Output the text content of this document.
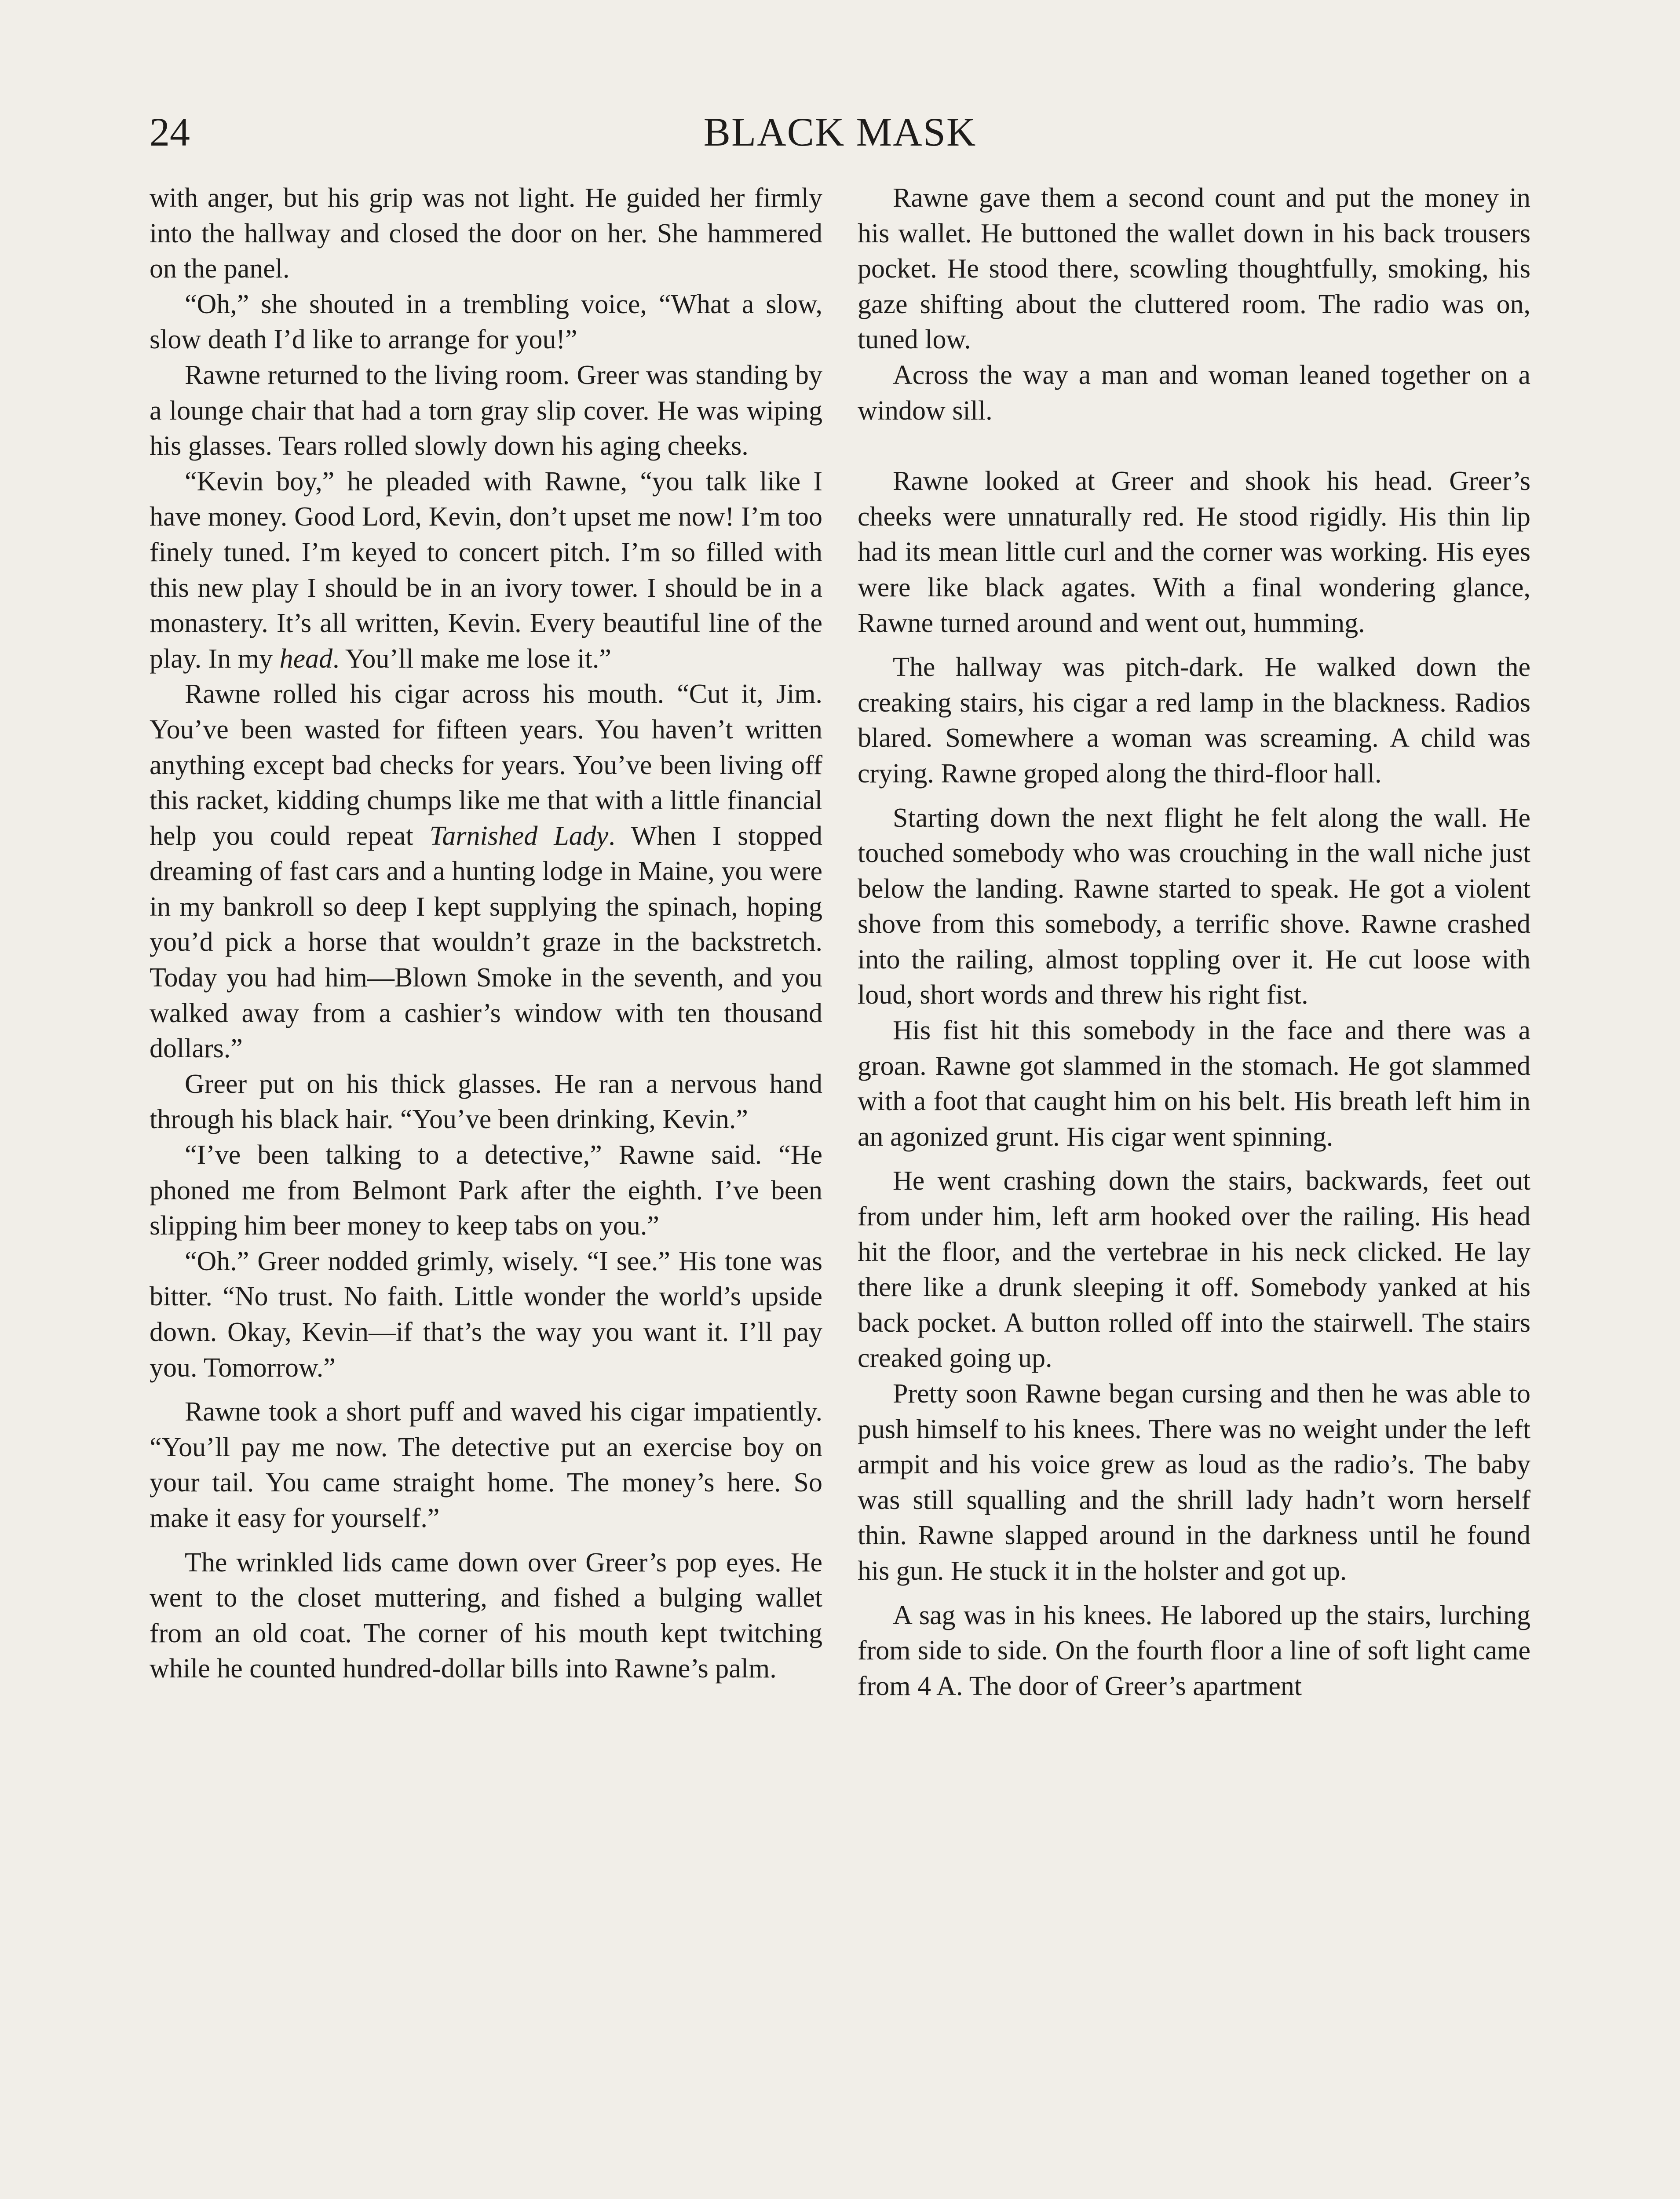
24	BLACK MASK

with anger, but his grip was not light. He guided her firmly into the hallway and closed the door on her. She hammered on the panel.

“Oh,” she shouted in a trembling voice, “What a slow, slow death I’d like to arrange for you!”

Rawne returned to the living room. Greer was standing by a lounge chair that had a torn gray slip cover. He was wiping his glasses. Tears rolled slowly down his aging cheeks.

“Kevin boy,” he pleaded with Rawne, “you talk like I have money. Good Lord, Kevin, don’t upset me now! I’m too finely tuned. I’m keyed to concert pitch. I’m so filled with this new play I should be in an ivory tower. I should be in a monastery. It’s all written, Kevin. Every beautiful line of the play. In my head. You’ll make me lose it.”

Rawne rolled his cigar across his mouth. “Cut it, Jim. You’ve been wasted for fifteen years. You haven’t written anything except bad checks for years. You’ve been living off this racket, kidding chumps like me that with a little financial help you could repeat Tarnished Lady. When I stopped dreaming of fast cars and a hunting lodge in Maine, you were in my bankroll so deep I kept supplying the spinach, hoping you’d pick a horse that wouldn’t graze in the backstretch. Today you had him—Blown Smoke in the seventh, and you walked away from a cashier’s window with ten thousand dollars.”

Greer put on his thick glasses. He ran a nervous hand through his black hair. “You’ve been drinking, Kevin.”

“I’ve been talking to a detective,” Rawne said. “He phoned me from Belmont Park after the eighth. I’ve been slipping him beer money to keep tabs on you.”

“Oh.” Greer nodded grimly, wisely. “I see.” His tone was bitter. “No trust. No faith. Little wonder the world’s upside down. Okay, Kevin—if that’s the way you want it. I’ll pay you. Tomorrow.”

Rawne took a short puff and waved his cigar impatiently. “You’ll pay me now. The detective put an exercise boy on your tail. You came straight home. The money’s here. So make it easy for yourself.”

The wrinkled lids came down over Greer’s pop eyes. He went to the closet muttering, and fished a bulging wallet from an old coat. The corner of his mouth kept twitching while he counted hundred-dollar bills into Rawne’s palm.

Rawne gave them a second count and put the money in his wallet. He buttoned the wallet down in his back trousers pocket. He stood there, scowling thoughtfully, smoking, his gaze shifting about the cluttered room. The radio was on, tuned low.

Across the way a man and woman leaned together on a window sill.

Rawne looked at Greer and shook his head. Greer’s cheeks were unnaturally red. He stood rigidly. His thin lip had its mean little curl and the corner was working. His eyes were like black agates. With a final wondering glance, Rawne turned around and went out, humming.

The hallway was pitch-dark. He walked down the creaking stairs, his cigar a red lamp in the blackness. Radios blared. Somewhere a woman was screaming. A child was crying. Rawne groped along the third-floor hall.

Starting down the next flight he felt along the wall. He touched somebody who was crouching in the wall niche just below the landing. Rawne started to speak. He got a violent shove from this somebody, a terrific shove. Rawne crashed into the railing, almost toppling over it. He cut loose with loud, short words and threw his right fist.

His fist hit this somebody in the face and there was a groan. Rawne got slammed in the stomach. He got slammed with a foot that caught him on his belt. His breath left him in an agonized grunt. His cigar went spinning.

He went crashing down the stairs, backwards, feet out from under him, left arm hooked over the railing. His head hit the floor, and the vertebrae in his neck clicked. He lay there like a drunk sleeping it off. Somebody yanked at his back pocket. A button rolled off into the stairwell. The stairs creaked going up.

Pretty soon Rawne began cursing and then he was able to push himself to his knees. There was no weight under the left armpit and his voice grew as loud as the radio’s. The baby was still squalling and the shrill lady hadn’t worn herself thin. Rawne slapped around in the darkness until he found his gun. He stuck it in the holster and got up.

A sag was in his knees. He labored up the stairs, lurching from side to side. On the fourth floor a line of soft light came from 4 A. The door of Greer’s apartment
